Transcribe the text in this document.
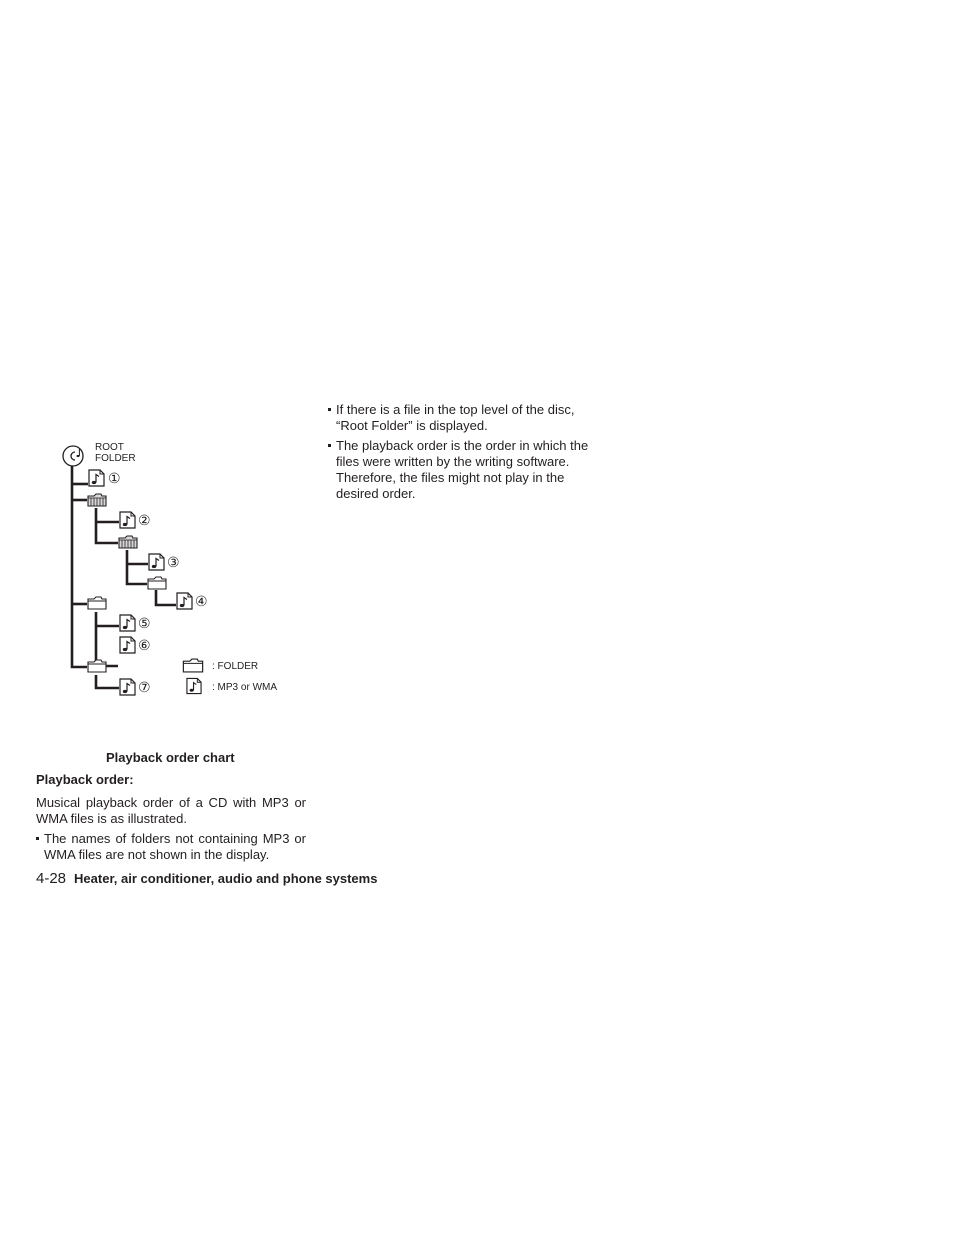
ROOT
FOLDER
①
②
③
④
⑤
⑥
⑦
: FOLDER
: MP3 or WMA

Playback order chart

Playback order:

Musical playback order of a CD with MP3 or WMA files is as illustrated.

The names of folders not containing MP3 or WMA files are not shown in the display.
If there is a file in the top level of the disc, “Root Folder” is displayed.
The playback order is the order in which the files were written by the writing software. Therefore, the files might not play in the desired order.
4-28 Heater, air conditioner, audio and phone systems
